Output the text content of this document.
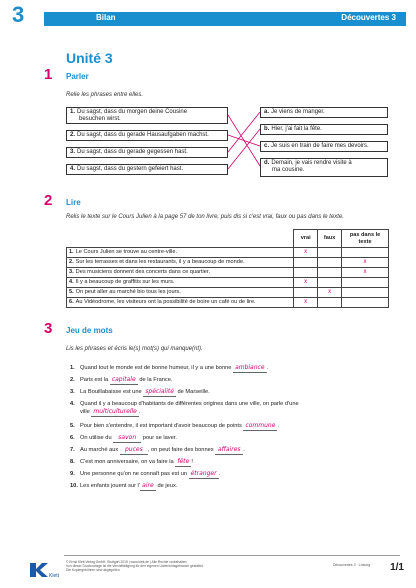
3	Bilan	Découvertes 3
Unité 3
1 Parler
Relie les phrases entre elles.
1. Du sagst, dass du morgen deine Cousine
besuchen wirst.
2. Du sagst, dass du gerade Hausaufgaben machst.
3. Du sagst, dass du gerade gegessen hast.
4. Du sagst, dass du gestern gefeiert hast.
a. Je viens de manger.
b. Hier, j'ai fait la fête.
c. Je suis en train de faire mes devoirs.
d. Demain, je vais rendre visite à
ma cousine.
2 Lire
Relis le texte sur le Cours Julien à la page 57 de ton livre, puis dis si c'est vrai, faux ou pas dans le texte.
	vrai	faux	pas dans le texte
1. Le Cours Julien se trouve au centre-ville.	x		
2. Sur les terrasses et dans les restaurants, il y a beaucoup de monde.			x
3. Des musiciens donnent des concerts dans ce quartier.			x
4. Il y a beaucoup de graffitis sur les murs.	x		
5. On peut aller au marché bio tous les jours.		x	
6. Au Vidéodrome, les visiteurs ont la possibilité de boire un café ou de lire.	x		
3 Jeu de mots
Lis les phrases et écris le(s) mot(s) qui manque(nt).
1. Quand tout le monde est de bonne humeur, il y a une bonne ambiance .
2. Paris est la capitale de la France.
3. La Bouillabaisse est une spécialité de Marseille.
4. Quand il y a beaucoup d'habitants de différentes origines dans une ville, on parle d'une
ville multiculturelle .
5. Pour bien s'entendre, il est important d'avoir beaucoup de points commune .
6. On utilise du savon pour se laver.
7. Au marché aux puces , on peut faire des bonnes affaires .
8. C'est mon anniversaire, on va faire la fête !
9. Une personne qu'on ne connaît pas est un étranger .
10. Les enfants jouent sur l' aire de jeux.
Klett
© Ernst Klett Verlag GmbH, Stuttgart 2015 | www.klett.de | Alle Rechte vorbehalten.
Von dieser Druckvorlage ist die Vervielfältigung für den eigenen Unterrichtsgebrauch gestattet.
Die Kopiergebühren sind abgegolten.
Découvertes 3 · Lösung 1/1
